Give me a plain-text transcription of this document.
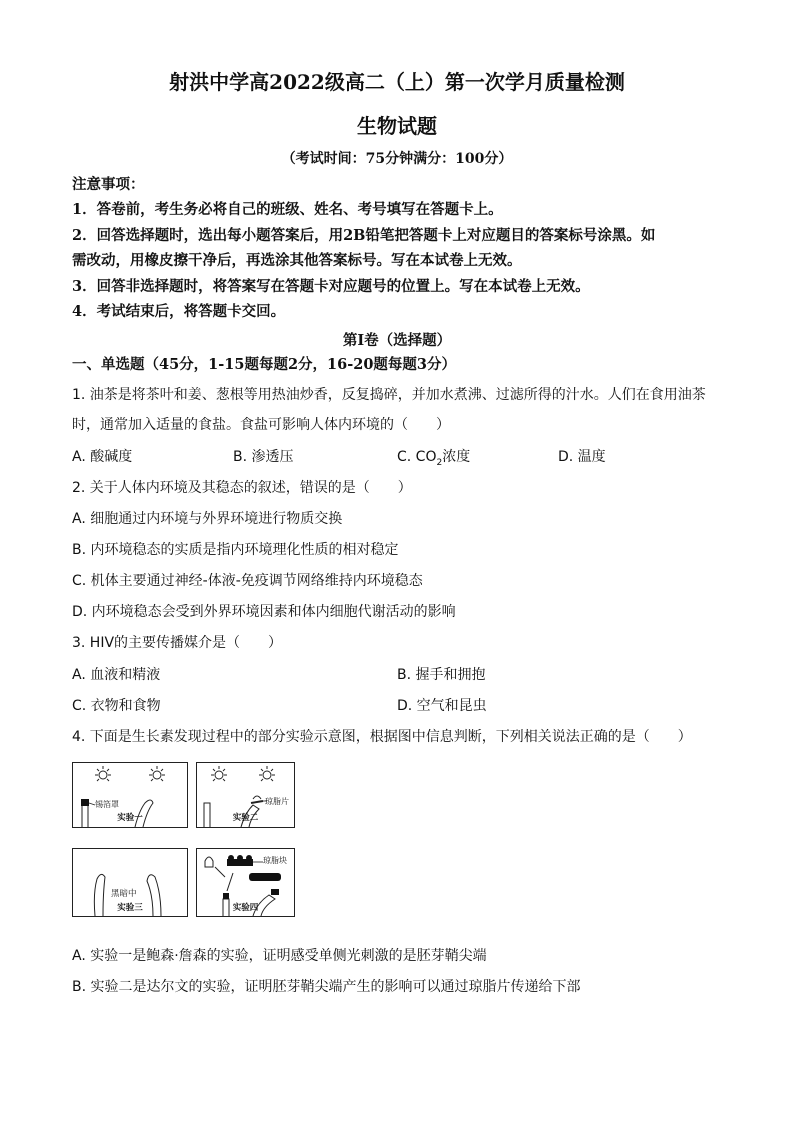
射洪中学高2022级高二（上）第一次学月质量检测
生物试题
（考试时间：75分钟满分：100分）
注意事项：
1．答卷前，考生务必将自己的班级、姓名、考号填写在答题卡上。
2．回答选择题时，选出每小题答案后，用2B铅笔把答题卡上对应题目的答案标号涂黑。如
需改动，用橡皮擦干净后，再选涂其他答案标号。写在本试卷上无效。
3．回答非选择题时，将答案写在答题卡对应题号的位置上。写在本试卷上无效。
4．考试结束后，将答题卡交回。
第I卷（选择题）
一、单选题（45分，1-15题每题2分，16-20题每题3分）
1. 油茶是将茶叶和姜、葱根等用热油炒香，反复捣碎，并加水煮沸、过滤所得的汁水。人们在食用油茶
时，通常加入适量的食盐。食盐可影响人体内环境的（　　）
A. 酸碱度	B. 渗透压	C. $CO_2$浓度	D. 温度
2. 关于人体内环境及其稳态的叙述，错误的是（　　）
A. 细胞通过内环境与外界环境进行物质交换
B. 内环境稳态的实质是指内环境理化性质的相对稳定
C. 机体主要通过神经-体液-免疫调节网络维持内环境稳态
D. 内环境稳态会受到外界环境因素和体内细胞代谢活动的影响
3. HIV的主要传播媒介是（　　）
A. 血液和精液	B. 握手和拥抱
C. 衣物和食物	D. 空气和昆虫
4. 下面是生长素发现过程中的部分实验示意图，根据图中信息判断，下列相关说法正确的是（　　）
锡箔罩
实验一
琼脂片
实验二
黑暗中
实验三
琼脂块
实验四
A. 实验一是鲍森·詹森的实验，证明感受单侧光刺激的是胚芽鞘尖端
B. 实验二是达尔文的实验，证明胚芽鞘尖端产生的影响可以通过琼脂片传递给下部
